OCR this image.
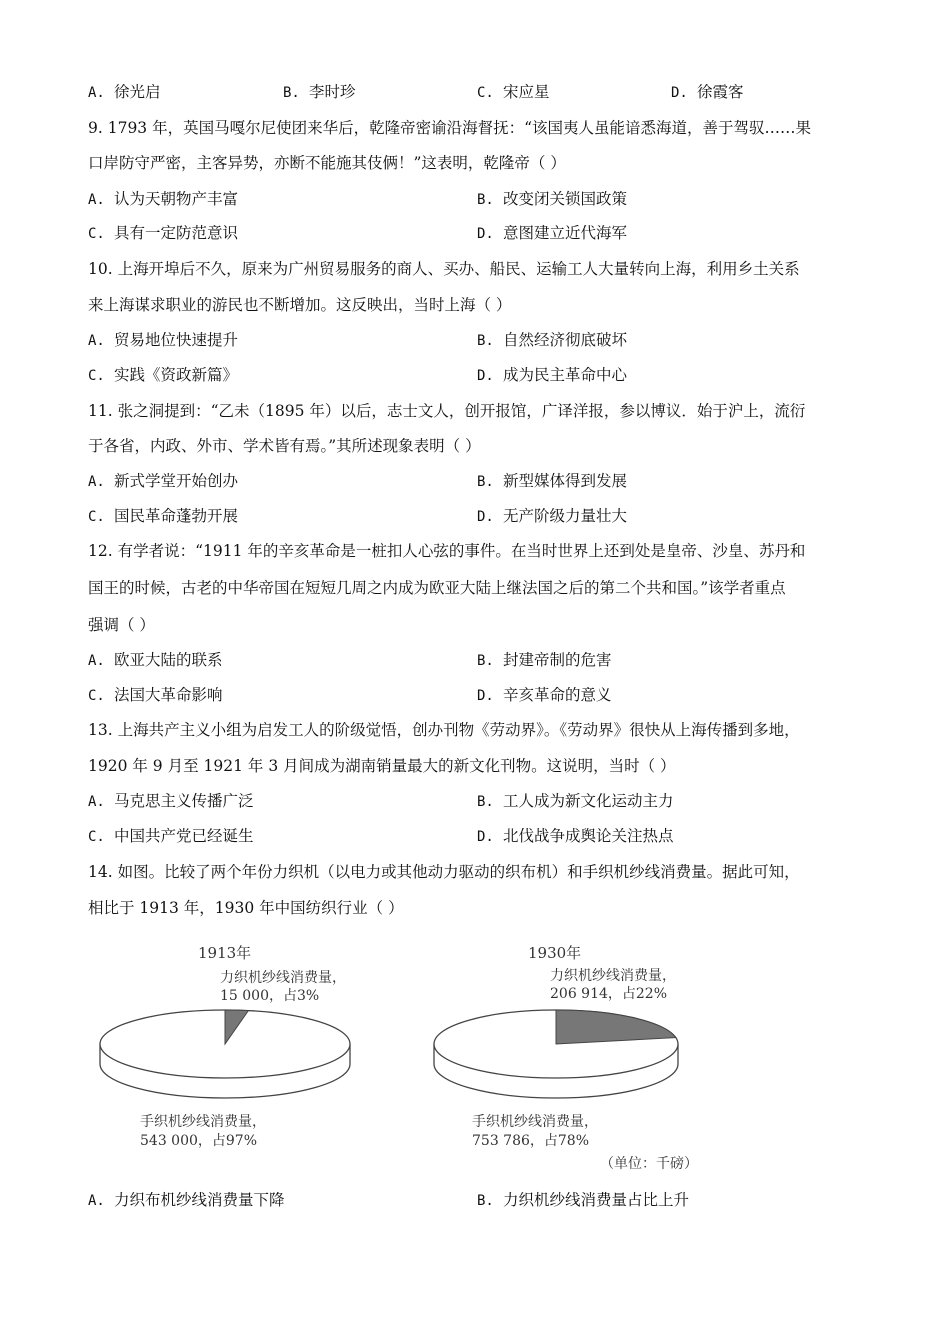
A. 徐光启	B. 李时珍	C. 宋应星	D. 徐霞客
9. 1793 年，英国马嘎尔尼使团来华后，乾隆帝密谕沿海督抚：“该国夷人虽能谙悉海道，善于驾驭……果
口岸防守严密，主客异势，亦断不能施其伎俩！”这表明，乾隆帝（ ）
A. 认为天朝物产丰富	B. 改变闭关锁国政策
C. 具有一定防范意识	D. 意图建立近代海军
10. 上海开埠后不久，原来为广州贸易服务的商人、买办、船民、运输工人大量转向上海，利用乡土关系
来上海谋求职业的游民也不断增加。这反映出，当时上海（ ）
A. 贸易地位快速提升	B. 自然经济彻底破坏
C. 实践《资政新篇》	D. 成为民主革命中心
11. 张之洞提到：“乙未（1895 年）以后，志士文人，创开报馆，广译洋报，参以博议．始于沪上，流衍
于各省，内政、外市、学术皆有焉。”其所述现象表明（ ）
A. 新式学堂开始创办	B. 新型媒体得到发展
C. 国民革命蓬勃开展	D. 无产阶级力量壮大
12. 有学者说：“1911 年的辛亥革命是一桩扣人心弦的事件。在当时世界上还到处是皇帝、沙皇、苏丹和
国王的时候，古老的中华帝国在短短几周之内成为欧亚大陆上继法国之后的第二个共和国。”该学者重点
强调（ ）
A. 欧亚大陆的联系	B. 封建帝制的危害
C. 法国大革命影响	D. 辛亥革命的意义
13. 上海共产主义小组为启发工人的阶级觉悟，创办刊物《劳动界》。《劳动界》很快从上海传播到多地，
1920 年 9 月至 1921 年 3 月间成为湖南销量最大的新文化刊物。这说明，当时（ ）
A. 马克思主义传播广泛	B. 工人成为新文化运动主力
C. 中国共产党已经诞生	D. 北伐战争成舆论关注热点
14. 如图。比较了两个年份力织机（以电力或其他动力驱动的织布机）和手织机纱线消费量。据此可知，
相比于 1913 年，1930 年中国纺织行业（ ）
1913年
力织机纱线消费量，
15 000，占3%
手织机纱线消费量，
543 000，占97%
1930年
力织机纱线消费量，
206 914，占22%
手织机纱线消费量，
753 786，占78%
（单位：千磅）
A. 力织布机纱线消费量下降	B. 力织机纱线消费量占比上升
